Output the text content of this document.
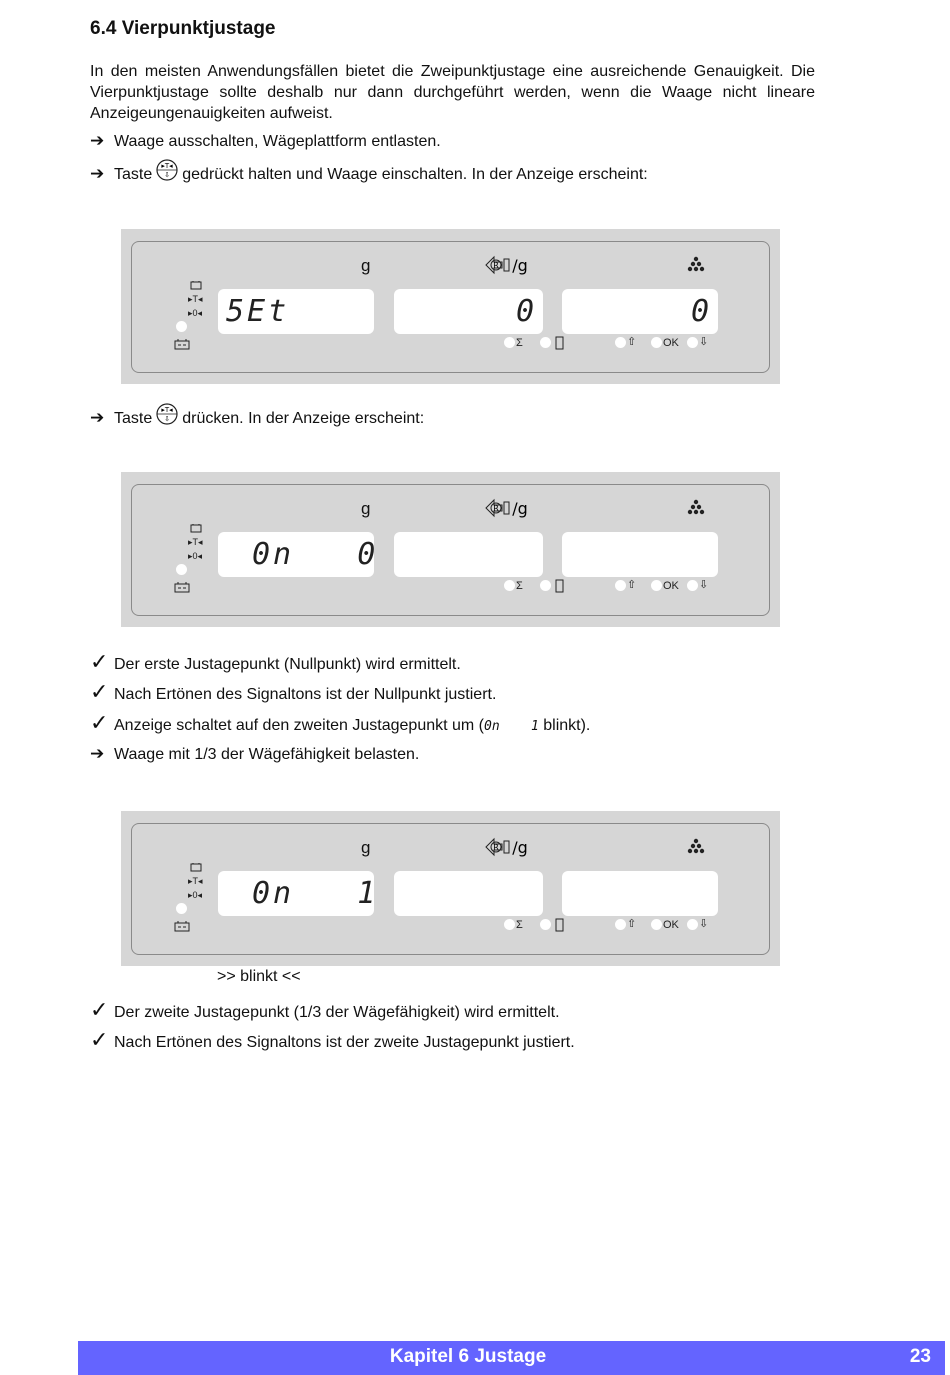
6.4 Vierpunktjustage

In den meisten Anwendungsfällen bietet die Zweipunktjustage eine ausreichende Genauigkeit. Die Vierpunktjustage sollte deshalb nur dann durchgeführt werden, wenn die Waage nicht lineare Anzeigeungenauigkeiten aufweist.

➔ Waage ausschalten, Wägeplattform entlasten.
➔ Taste
▸T◂
⇩ gedrückt halten und Waage einschalten. In der Anzeige erscheint:
g	R /g
▸T◂
▸0◂ 5Et	0	0
Σ	⇧ OK ⇩
➔ Taste
▸T◂
⇩ drücken. In der Anzeige erscheint:
g	R /g
▸T◂
▸0◂ 0n   0
Σ	⇧ OK ⇩
✓ Der erste Justagepunkt (Nullpunkt) wird ermittelt.
✓ Nach Ertönen des Signaltons ist der Nullpunkt justiert.
✓ Anzeige schaltet auf den zweiten Justagepunkt um (0n    1 blinkt).
➔ Waage mit 1/3 der Wägefähigkeit belasten.
g	R /g
▸T◂
▸0◂ 0n   1
Σ	⇧ OK ⇩
>> blinkt <<
✓ Der zweite Justagepunkt (1/3 der Wägefähigkeit) wird ermittelt.
✓ Nach Ertönen des Signaltons ist der zweite Justagepunkt justiert.
Kapitel 6 Justage	23
